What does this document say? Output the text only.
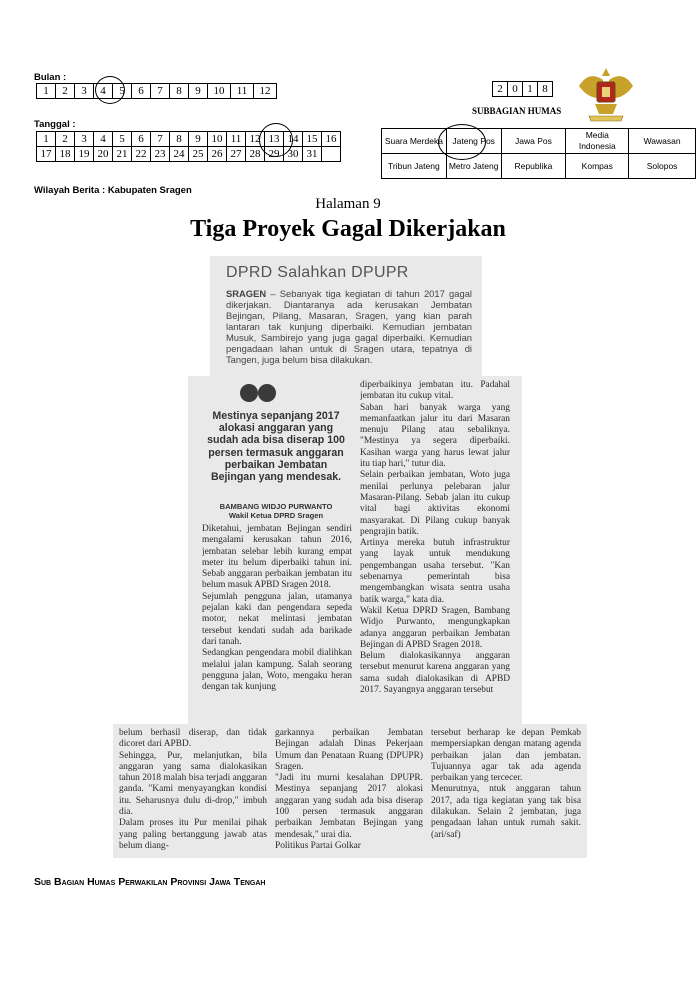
Bulan :
1	2	3	4	5	6	7	8	9	10	11	12
Tanggal :
1	2	3	4	5	6	7	8	9	10	11	12	13	14	15	16
17	18	19	20	21	22	23	24	25	26	27	28	29	30	31	
2	0	1	8
SUBBAGIAN HUMAS
Suara Merdeka	Jateng Pos	Jawa Pos	Media Indonesia	Wawasan
Tribun Jateng	Metro Jateng	Republika	Kompas	Solopos
Wilayah Berita : Kabupaten Sragen
Halaman 9
Tiga Proyek Gagal Dikerjakan
DPRD Salahkan DPUPR
SRAGEN – Sebanyak tiga kegiatan di tahun 2017 gagal dikerjakan. Diantaranya ada kerusakan Jembatan Bejingan, Pilang, Masaran, Sragen, yang kian parah lantaran tak kunjung diperbaiki. Kemudian jembatan Musuk, Sambirejo yang juga gagal diperbaiki. Kemudian pengadaan lahan untuk di Sragen utara, tepatnya di Tangen, juga belum bisa dilakukan.
Mestinya sepanjang 2017 alokasi anggaran yang sudah ada bisa diserap 100 persen termasuk anggaran perbaikan Jembatan Bejingan yang mendesak.
BAMBANG WIDJO PURWANTO
Wakil Ketua DPRD Sragen
Diketahui, jembatan Bejingan sendiri mengalami kerusakan tahun 2016, jembatan selebar lebih kurang empat meter itu belum diperbaiki tahun ini. Sebab anggaran perbaikan jembatan itu belum masuk APBD Sragen 2018.
Sejumlah pengguna jalan, utamanya pejalan kaki dan pengendara sepeda motor, nekat melintasi jembatan tersebut kendati sudah ada barikade dari tanah.
Sedangkan pengendara mobil dialihkan melalui jalan kampung. Salah seorang pengguna jalan, Woto, mengaku heran dengan tak kunjung
diperbaikinya jembatan itu. Padahal jembatan itu cukup vital.
Saban hari banyak warga yang memanfaatkan jalur itu dari Masaran menuju Pilang atau sebaliknya. "Mestinya ya segera diperbaiki. Kasihan warga yang harus lewat jalur itu tiap hari," tutur dia.
Selain perbaikan jembatan, Woto juga menilai perlunya pelebaran jalur Masaran-Pilang. Sebab jalan itu cukup vital bagi aktivitas ekonomi masyarakat. Di Pilang cukup banyak pengrajin batik.
Artinya mereka butuh infrastruktur yang layak untuk mendukung pengembangan usaha tersebut. "Kan sebenarnya pemerintah bisa mengembangkan wisata sentra usaha batik warga," kata dia.
Wakil Ketua DPRD Sragen, Bambang Widjo Purwanto, mengungkapkan adanya anggaran perbaikan Jembatan Bejingan di APBD Sragen 2018.
Belum dialokasikannya anggaran tersebut menurut karena anggaran yang sama sudah dialokasikan di APBD 2017. Sayangnya anggaran tersebut
belum berhasil diserap, dan tidak dicoret dari APBD.
Sehingga, Pur, melanjutkan, bila anggaran yang sama dialokasikan tahun 2018 malah bisa terjadi anggaran ganda. "Kami menyayangkan kondisi itu. Seharusnya dulu di-drop," imbuh dia.
Dalam proses itu Pur menilai pihak yang paling bertanggung jawab atas belum diang-
garkannya perbaikan Jembatan Bejingan adalah Dinas Pekerjaan Umum dan Penataan Ruang (DPUPR) Sragen.
"Jadi itu murni kesalahan DPUPR. Mestinya sepanjang 2017 alokasi anggaran yang sudah ada bisa diserap 100 persen termasuk anggaran perbaikan Jembatan Bejingan yang mendesak," urai dia.
Politikus Partai Golkar
tersebut berharap ke depan Pemkab mempersiapkan dengan matang agenda perbaikan jalan dan jembatan. Tujuannya agar tak ada agenda perbaikan yang tercecer.
Menurutnya, ntuk anggaran tahun 2017, ada tiga kegiatan yang tak bisa dilakukan. Selain 2 jembatan, juga pengadaan lahan untuk rumah sakit. (ari/saf)
Sub Bagian Humas Perwakilan Provinsi Jawa Tengah
